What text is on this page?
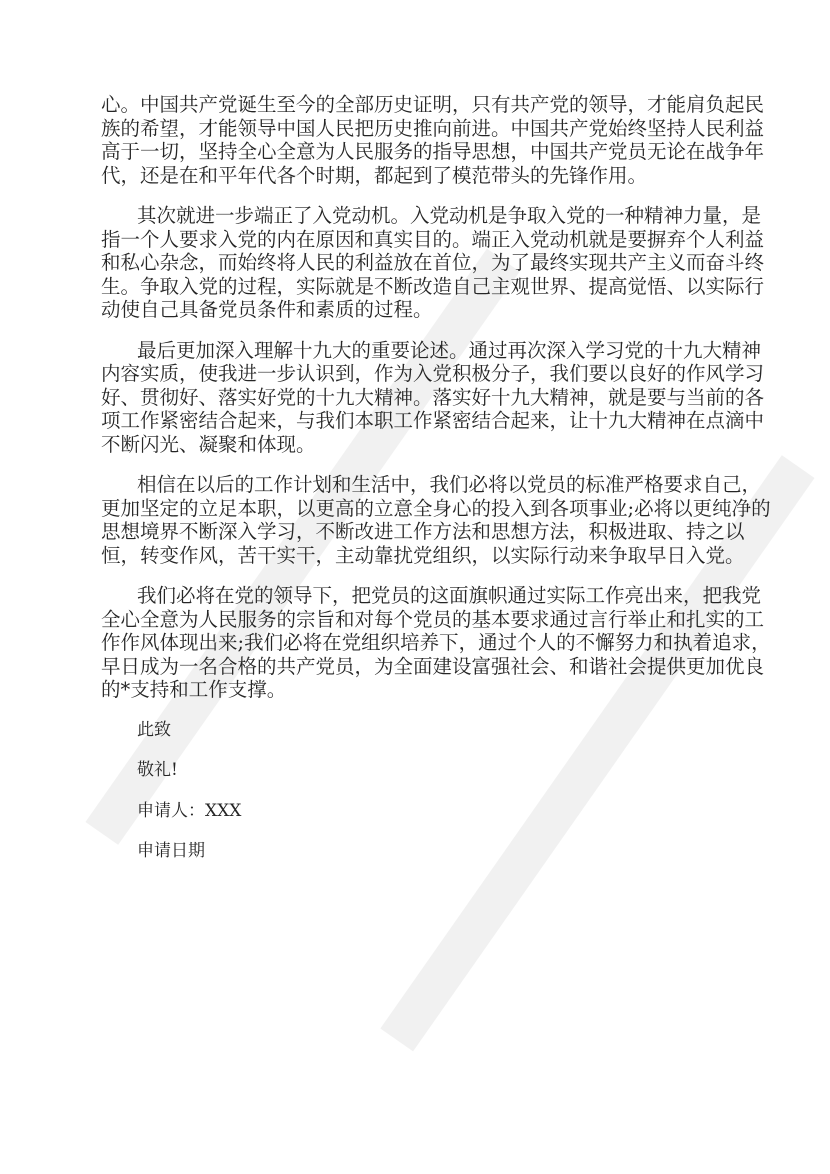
心。中国共产党诞生至今的全部历史证明，只有共产党的领导，才能肩负起民
族的希望，才能领导中国人民把历史推向前进。中国共产党始终坚持人民利益
高于一切，坚持全心全意为人民服务的指导思想，中国共产党员无论在战争年
代，还是在和平年代各个时期，都起到了模范带头的先锋作用。
其次就进一步端正了入党动机。入党动机是争取入党的一种精神力量，是
指一个人要求入党的内在原因和真实目的。端正入党动机就是要摒弃个人利益
和私心杂念，而始终将人民的利益放在首位，为了最终实现共产主义而奋斗终
生。争取入党的过程，实际就是不断改造自己主观世界、提高觉悟、以实际行
动使自己具备党员条件和素质的过程。
最后更加深入理解十九大的重要论述。通过再次深入学习党的十九大精神
内容实质，使我进一步认识到，作为入党积极分子，我们要以良好的作风学习
好、贯彻好、落实好党的十九大精神。落实好十九大精神，就是要与当前的各
项工作紧密结合起来，与我们本职工作紧密结合起来，让十九大精神在点滴中
不断闪光、凝聚和体现。
相信在以后的工作计划和生活中，我们必将以党员的标准严格要求自己，
更加坚定的立足本职，以更高的立意全身心的投入到各项事业;必将以更纯净的
思想境界不断深入学习，不断改进工作方法和思想方法，积极进取、持之以
恒，转变作风，苦干实干，主动靠扰党组织，以实际行动来争取早日入党。
我们必将在党的领导下，把党员的这面旗帜通过实际工作亮出来，把我党
全心全意为人民服务的宗旨和对每个党员的基本要求通过言行举止和扎实的工
作作风体现出来;我们必将在党组织培养下，通过个人的不懈努力和执着追求，
早日成为一名合格的共产党员，为全面建设富强社会、和谐社会提供更加优良
的*支持和工作支撑。
此致
敬礼!
申请人：XXX
申请日期
